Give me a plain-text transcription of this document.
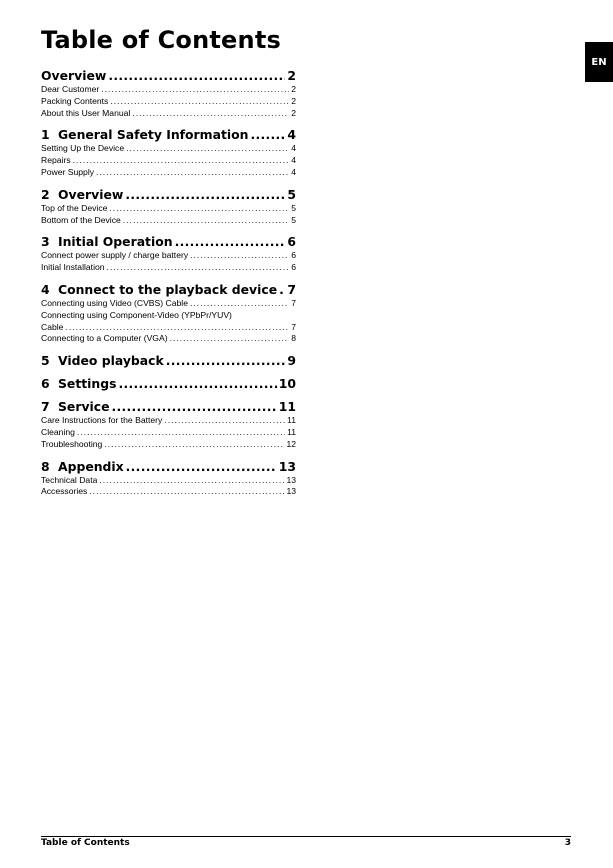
Table of Contents
EN
Overview .....	2
Dear Customer .....	2
Packing Contents .....	2
About this User Manual .....	2
1 General Safety Information .....	4
Setting Up the Device .....	4
Repairs .....	4
Power Supply .....	4
2 Overview .....	5
Top of the Device .....	5
Bottom of the Device .....	5
3 Initial Operation .....	6
Connect power supply / charge battery .....	6
Initial Installation .....	6
4 Connect to the playback device ..... 7
Connecting using Video (CVBS) Cable .....	7
Connecting using Component-Video (YPbPr/YUV)
Cable .....	7
Connecting to a Computer (VGA) .....	8
5 Video playback .....	9
6 Settings .....	10
7 Service .....	11
Care Instructions for the Battery .....	11
Cleaning .....	11
Troubleshooting .....	12
8 Appendix .....	13
Technical Data .....	13
Accessories .....	13
Table of Contents	3
